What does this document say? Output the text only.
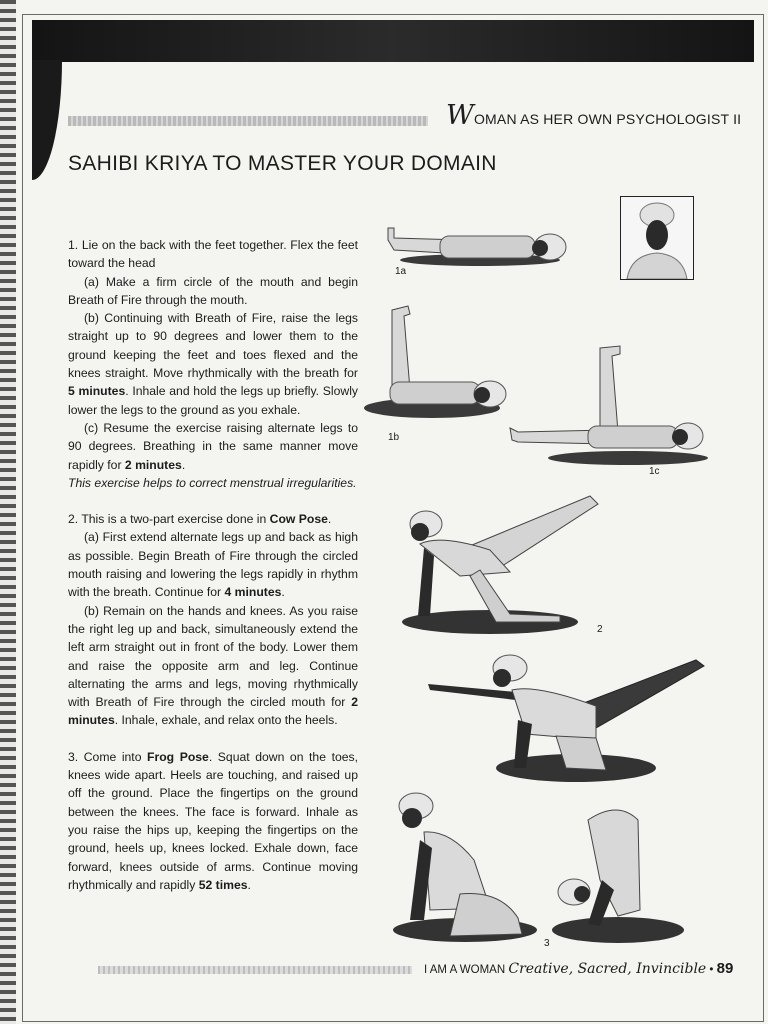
WOMAN AS HER OWN PSYCHOLOGIST II
SAHIBI KRIYA TO MASTER YOUR DOMAIN

1. Lie on the back with the feet together. Flex the feet toward the head

(a) Make a firm circle of the mouth and begin Breath of Fire through the mouth.

(b) Continuing with Breath of Fire, raise the legs straight up to 90 degrees and lower them to the ground keeping the feet and toes flexed and the knees straight. Move rhythmically with the breath for 5 minutes. Inhale and hold the legs up briefly. Slowly lower the legs to the ground as you exhale.

(c) Resume the exercise raising alternate legs to 90 degrees. Breathing in the same manner move rapidly for 2 minutes.

This exercise helps to correct menstrual irregularities.

2. This is a two-part exercise done in Cow Pose.

(a) First extend alternate legs up and back as high as possible. Begin Breath of Fire through the circled mouth raising and lowering the legs rapidly in rhythm with the breath. Continue for 4 minutes.

(b) Remain on the hands and knees. As you raise the right leg up and back, simultaneously extend the left arm straight out in front of the body. Lower them and raise the opposite arm and leg. Continue alternating the arms and legs, moving rhythmically with Breath of Fire through the circled mouth for 2 minutes. Inhale, exhale, and relax onto the heels.

3. Come into Frog Pose. Squat down on the toes, knees wide apart. Heels are touching, and raised up off the ground. Place the fingertips on the ground between the knees. The face is forward. Inhale as you raise the hips up, keeping the fingertips on the ground, heels up, knees locked. Exhale down, face forward, knees outside of arms. Continue moving rhythmically and rapidly 52 times.

1a
1b
1c
2
3
I AM A WOMAN Creative, Sacred, Invincible • 89
